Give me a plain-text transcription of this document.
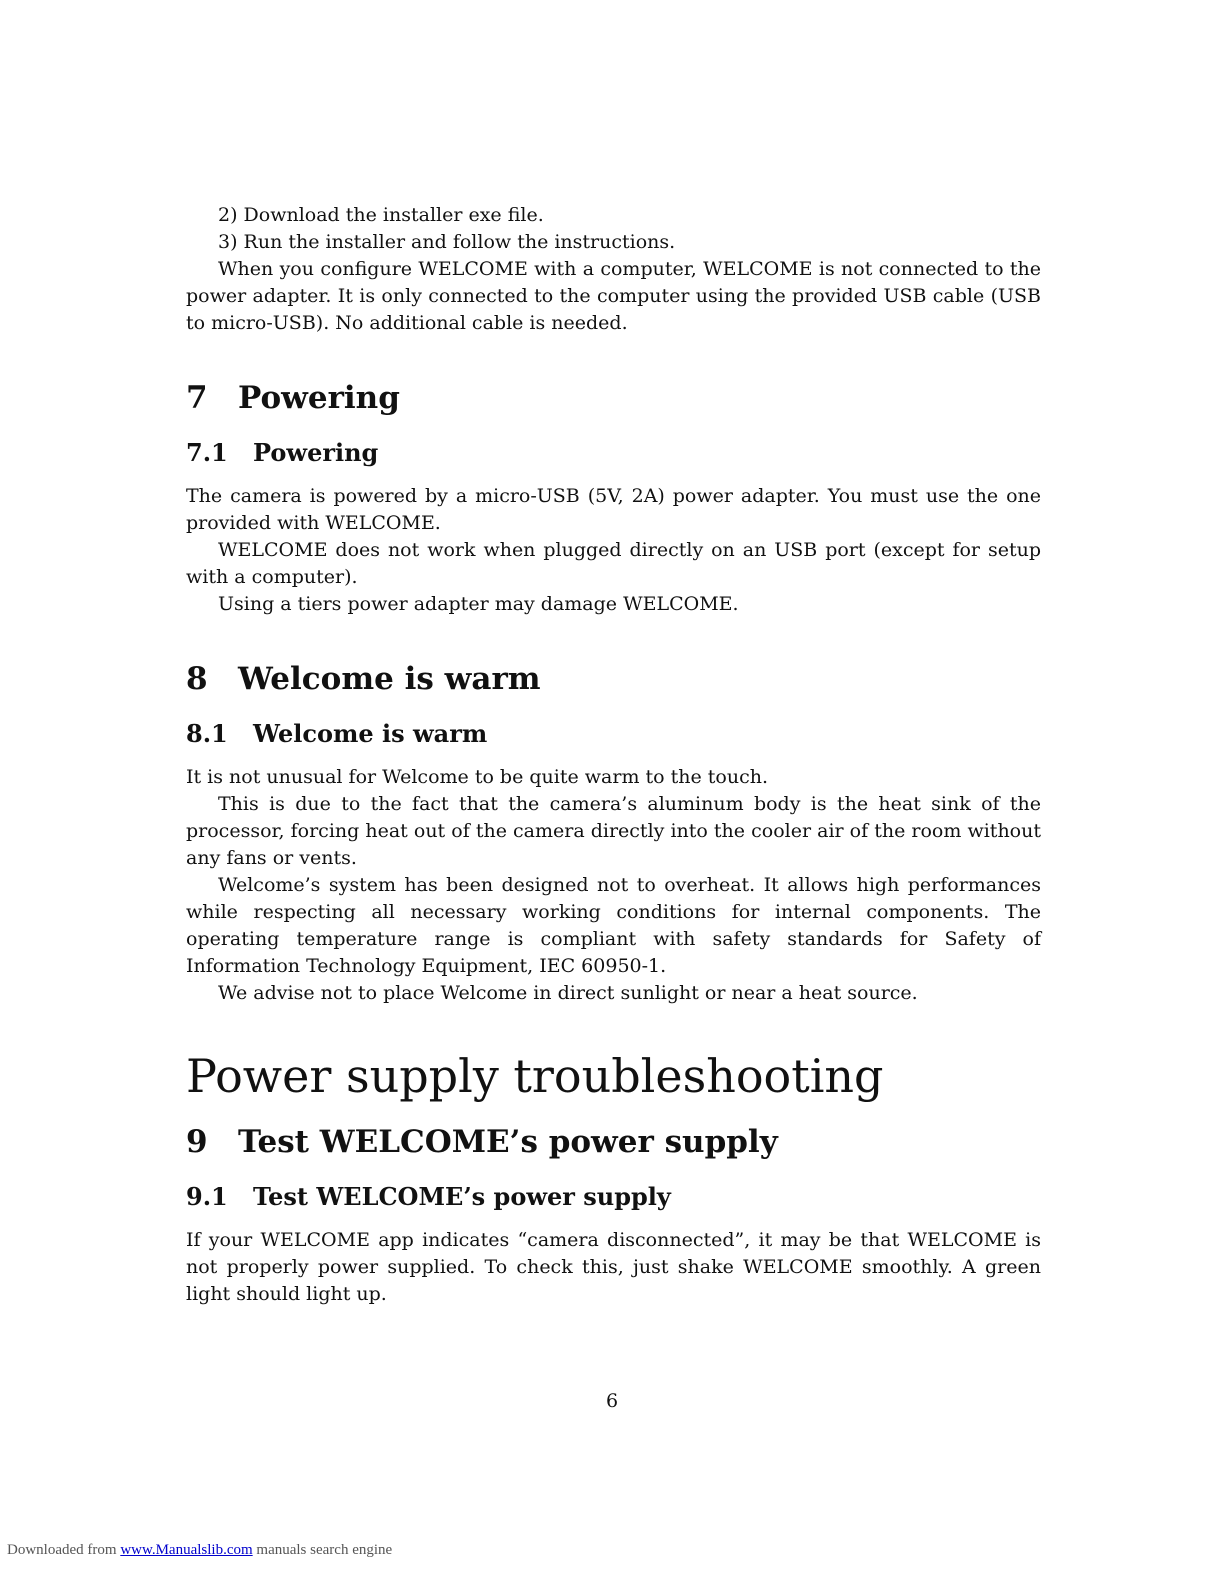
2) Download the installer exe file.

3) Run the installer and follow the instructions.

When you configure WELCOME with a computer, WELCOME is not connected to the power adapter. It is only connected to the computer using the provided USB cable (USB to micro-USB). No additional cable is needed.

7 Powering
7.1 Powering

The camera is powered by a micro-USB (5V, 2A) power adapter. You must use the one provided with WELCOME.

WELCOME does not work when plugged directly on an USB port (except for setup with a computer).

Using a tiers power adapter may damage WELCOME.

8 Welcome is warm
8.1 Welcome is warm

It is not unusual for Welcome to be quite warm to the touch.

This is due to the fact that the camera’s aluminum body is the heat sink of the processor, forcing heat out of the camera directly into the cooler air of the room without any fans or vents.

Welcome’s system has been designed not to overheat. It allows high performances while respecting all necessary working conditions for internal components. The operating temperature range is compliant with safety standards for Safety of Information Technology Equipment, IEC 60950-1.

We advise not to place Welcome in direct sunlight or near a heat source.

Power supply troubleshooting
9 Test WELCOME’s power supply
9.1 Test WELCOME’s power supply

If your WELCOME app indicates “camera disconnected”, it may be that WELCOME is not properly power supplied. To check this, just shake WELCOME smoothly. A green light should light up.

6
Downloaded from www.Manualslib.com manuals search engine
